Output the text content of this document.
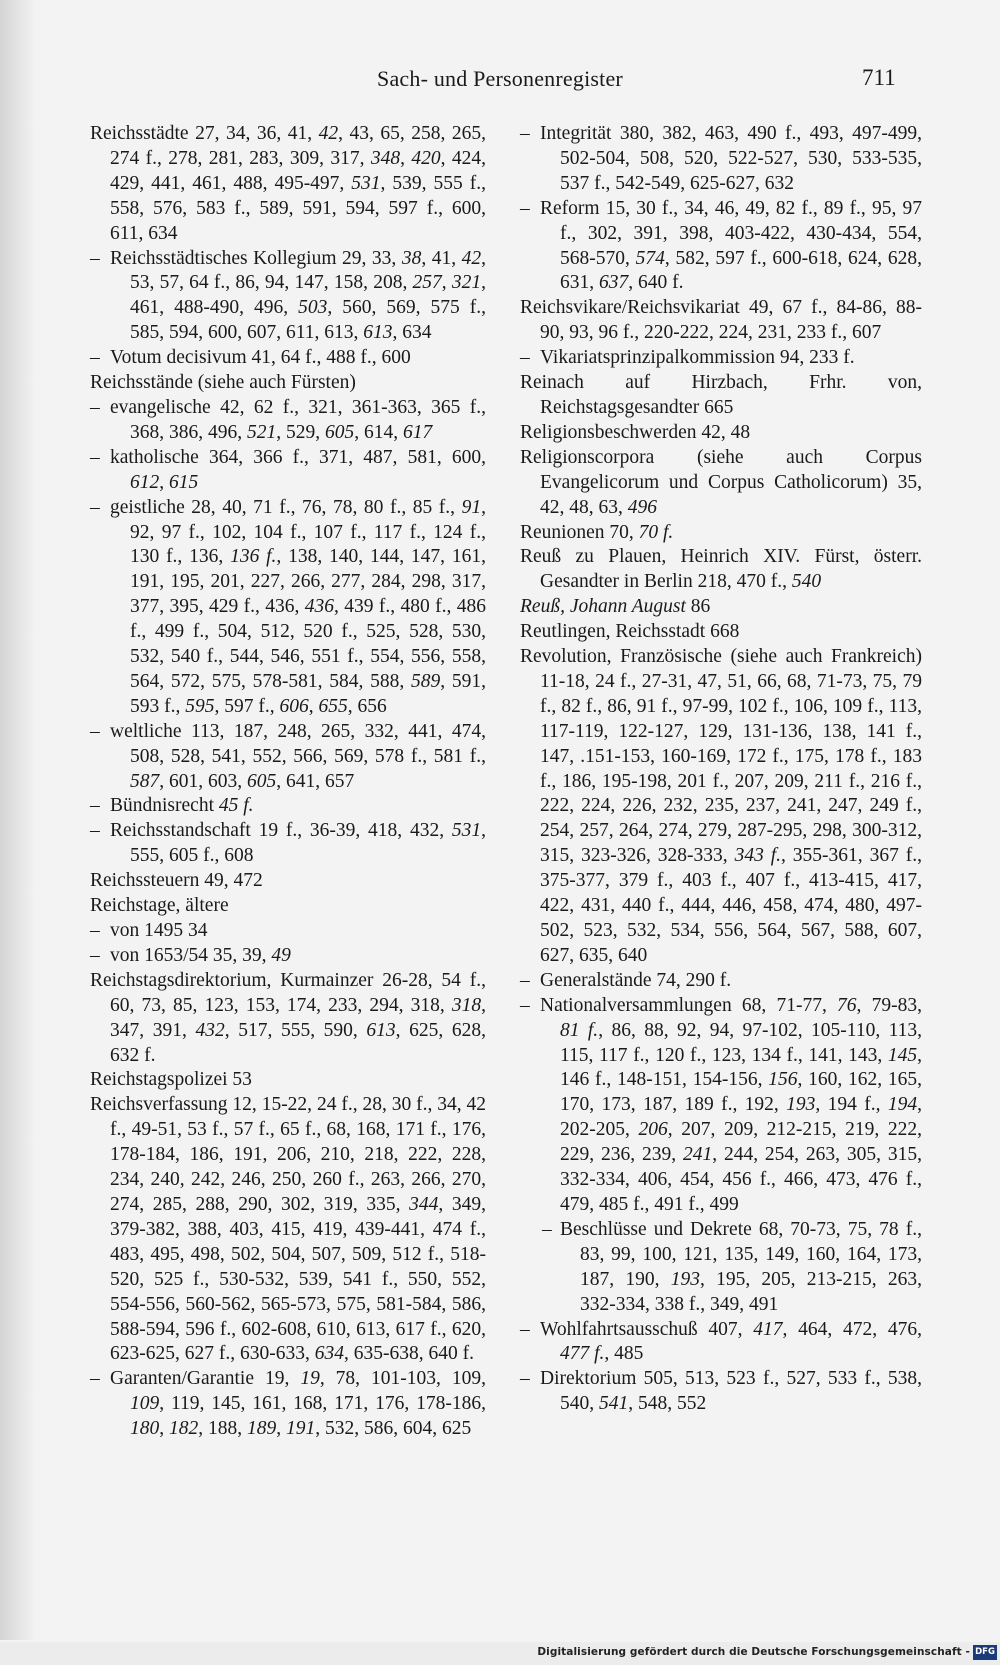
Sach- und Personenregister	711
Reichsstädte 27, 34, 36, 41, 42, 43, 65, 258, 265, 274 f., 278, 281, 283, 309, 317, 348, 420, 424, 429, 441, 461, 488, 495-497, 531, 539, 555 f., 558, 576, 583 f., 589, 591, 594, 597 f., 600, 611, 634
– Reichsstädtisches Kollegium 29, 33, 38, 41, 42, 53, 57, 64 f., 86, 94, 147, 158, 208, 257, 321, 461, 488-490, 496, 503, 560, 569, 575 f., 585, 594, 600, 607, 611, 613, 613, 634
– Votum decisivum 41, 64 f., 488 f., 600
Reichsstände (siehe auch Fürsten)
– evangelische 42, 62 f., 321, 361-363, 365 f., 368, 386, 496, 521, 529, 605, 614, 617
– katholische 364, 366 f., 371, 487, 581, 600, 612, 615
– geistliche 28, 40, 71 f., 76, 78, 80 f., 85 f., 91, 92, 97 f., 102, 104 f., 107 f., 117 f., 124 f., 130 f., 136, 136 f., 138, 140, 144, 147, 161, 191, 195, 201, 227, 266, 277, 284, 298, 317, 377, 395, 429 f., 436, 436, 439 f., 480 f., 486 f., 499 f., 504, 512, 520 f., 525, 528, 530, 532, 540 f., 544, 546, 551 f., 554, 556, 558, 564, 572, 575, 578-581, 584, 588, 589, 591, 593 f., 595, 597 f., 606, 655, 656
– weltliche 113, 187, 248, 265, 332, 441, 474, 508, 528, 541, 552, 566, 569, 578 f., 581 f., 587, 601, 603, 605, 641, 657
– Bündnisrecht 45 f.
– Reichsstandschaft 19 f., 36-39, 418, 432, 531, 555, 605 f., 608
Reichssteuern 49, 472
Reichstage, ältere
– von 1495 34
– von 1653/54 35, 39, 49
Reichstagsdirektorium, Kurmainzer 26-28, 54 f., 60, 73, 85, 123, 153, 174, 233, 294, 318, 318, 347, 391, 432, 517, 555, 590, 613, 625, 628, 632 f.
Reichstagspolizei 53
Reichsverfassung 12, 15-22, 24 f., 28, 30 f., 34, 42 f., 49-51, 53 f., 57 f., 65 f., 68, 168, 171 f., 176, 178-184, 186, 191, 206, 210, 218, 222, 228, 234, 240, 242, 246, 250, 260 f., 263, 266, 270, 274, 285, 288, 290, 302, 319, 335, 344, 349, 379-382, 388, 403, 415, 419, 439-441, 474 f., 483, 495, 498, 502, 504, 507, 509, 512 f., 518-520, 525 f., 530-532, 539, 541 f., 550, 552, 554-556, 560-562, 565-573, 575, 581-584, 586, 588-594, 596 f., 602-608, 610, 613, 617 f., 620, 623-625, 627 f., 630-633, 634, 635-638, 640 f.
– Garanten/Garantie 19, 19, 78, 101-103, 109, 109, 119, 145, 161, 168, 171, 176, 178-186, 180, 182, 188, 189, 191, 532, 586, 604, 625
– Integrität 380, 382, 463, 490 f., 493, 497-499, 502-504, 508, 520, 522-527, 530, 533-535, 537 f., 542-549, 625-627, 632
– Reform 15, 30 f., 34, 46, 49, 82 f., 89 f., 95, 97 f., 302, 391, 398, 403-422, 430-434, 554, 568-570, 574, 582, 597 f., 600-618, 624, 628, 631, 637, 640 f.
Reichsvikare/Reichsvikariat 49, 67 f., 84-86, 88-90, 93, 96 f., 220-222, 224, 231, 233 f., 607
– Vikariatsprinzipalkommission 94, 233 f.
Reinach auf Hirzbach, Frhr. von, Reichstagsgesandter 665
Religionsbeschwerden 42, 48
Religionscorpora (siehe auch Corpus Evangelicorum und Corpus Catholicorum) 35, 42, 48, 63, 496
Reunionen 70, 70 f.
Reuß zu Plauen, Heinrich XIV. Fürst, österr. Gesandter in Berlin 218, 470 f., 540
Reuß, Johann August 86
Reutlingen, Reichsstadt 668
Revolution, Französische (siehe auch Frankreich) 11-18, 24 f., 27-31, 47, 51, 66, 68, 71-73, 75, 79 f., 82 f., 86, 91 f., 97-99, 102 f., 106, 109 f., 113, 117-119, 122-127, 129, 131-136, 138, 141 f., 147, .151-153, 160-169, 172 f., 175, 178 f., 183 f., 186, 195-198, 201 f., 207, 209, 211 f., 216 f., 222, 224, 226, 232, 235, 237, 241, 247, 249 f., 254, 257, 264, 274, 279, 287-295, 298, 300-312, 315, 323-326, 328-333, 343 f., 355-361, 367 f., 375-377, 379 f., 403 f., 407 f., 413-415, 417, 422, 431, 440 f., 444, 446, 458, 474, 480, 497-502, 523, 532, 534, 556, 564, 567, 588, 607, 627, 635, 640
– Generalstände 74, 290 f.
– Nationalversammlungen 68, 71-77, 76, 79-83, 81 f., 86, 88, 92, 94, 97-102, 105-110, 113, 115, 117 f., 120 f., 123, 134 f., 141, 143, 145, 146 f., 148-151, 154-156, 156, 160, 162, 165, 170, 173, 187, 189 f., 192, 193, 194 f., 194, 202-205, 206, 207, 209, 212-215, 219, 222, 229, 236, 239, 241, 244, 254, 263, 305, 315, 332-334, 406, 454, 456 f., 466, 473, 476 f., 479, 485 f., 491 f., 499
– Beschlüsse und Dekrete 68, 70-73, 75, 78 f., 83, 99, 100, 121, 135, 149, 160, 164, 173, 187, 190, 193, 195, 205, 213-215, 263, 332-334, 338 f., 349, 491
– Wohlfahrtsausschuß 407, 417, 464, 472, 476, 477 f., 485
– Direktorium 505, 513, 523 f., 527, 533 f., 538, 540, 541, 548, 552
Digitalisierung gefördert durch die Deutsche Forschungsgemeinschaft - DFG
